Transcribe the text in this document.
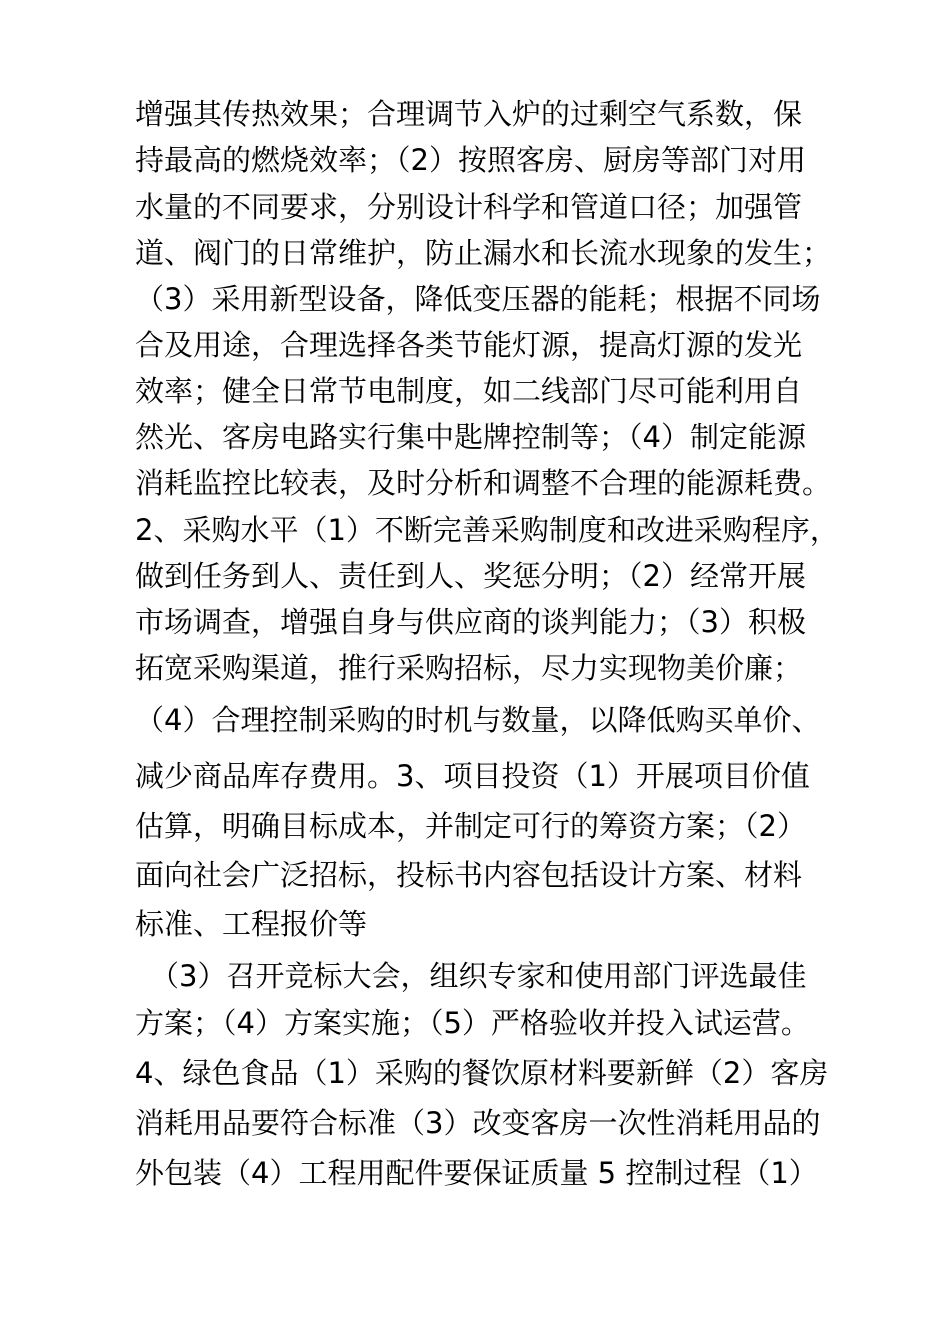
增强其传热效果；合理调节入炉的过剩空气系数，保
持最高的燃烧效率；（2）按照客房、厨房等部门对用
水量的不同要求，分别设计科学和管道口径；加强管
道、阀门的日常维护，防止漏水和长流水现象的发生；
（3）采用新型设备，降低变压器的能耗；根据不同场
合及用途，合理选择各类节能灯源，提高灯源的发光
效率；健全日常节电制度，如二线部门尽可能利用自
然光、客房电路实行集中匙牌控制等；（4）制定能源
消耗监控比较表，及时分析和调整不合理的能源耗费。
2、采购水平（1）不断完善采购制度和改进采购程序，
做到任务到人、责任到人、奖惩分明；（2）经常开展
市场调查，增强自身与供应商的谈判能力；（3）积极
拓宽采购渠道，推行采购招标，尽力实现物美价廉；
（4）合理控制采购的时机与数量，以降低购买单价、
减少商品库存费用。3、项目投资（1）开展项目价值
估算，明确目标成本，并制定可行的筹资方案；（2）
面向社会广泛招标，投标书内容包括设计方案、材料
标准、工程报价等
（3）召开竞标大会，组织专家和使用部门评选最佳
方案；（4）方案实施；（5）严格验收并投入试运营。
4、绿色食品（1）采购的餐饮原材料要新鲜（2）客房
消耗用品要符合标准（3）改变客房一次性消耗用品的
外包装（4）工程用配件要保证质量 5 控制过程（1）
